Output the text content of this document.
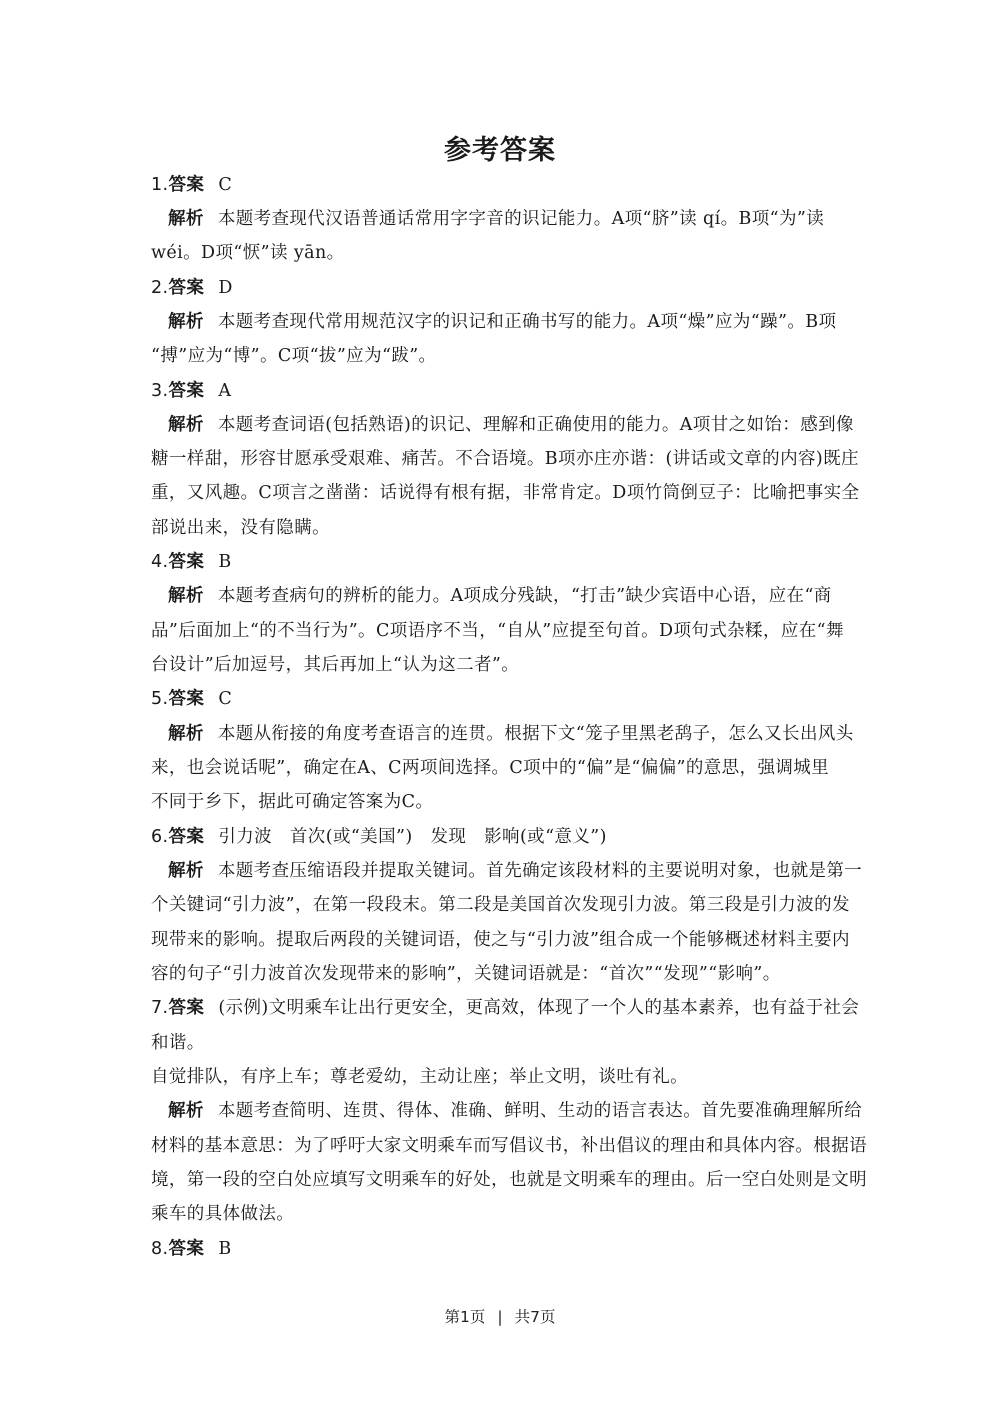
参考答案
1.答案 C
解析 本题考查现代汉语普通话常用字字音的识记能力。A项“脐”读 qí。B项“为”读
wéi。D项“恹”读 yān。
2.答案 D
解析 本题考查现代常用规范汉字的识记和正确书写的能力。A项“燥”应为“躁”。B项
“搏”应为“博”。C项“拔”应为“跋”。
3.答案 A
解析 本题考查词语(包括熟语)的识记、理解和正确使用的能力。A项甘之如饴：感到像
糖一样甜，形容甘愿承受艰难、痛苦。不合语境。B项亦庄亦谐：(讲话或文章的内容)既庄
重，又风趣。C项言之凿凿：话说得有根有据，非常肯定。D项竹筒倒豆子：比喻把事实全
部说出来，没有隐瞒。
4.答案 B
解析 本题考查病句的辨析的能力。A项成分残缺，“打击”缺少宾语中心语，应在“商
品”后面加上“的不当行为”。C项语序不当，“自从”应提至句首。D项句式杂糅，应在“舞
台设计”后加逗号，其后再加上“认为这二者”。
5.答案 C
解析 本题从衔接的角度考查语言的连贯。根据下文“笼子里黑老鸹子，怎么又长出风头
来，也会说话呢”，确定在A、C两项间选择。C项中的“偏”是“偏偏”的意思，强调城里
不同于乡下，据此可确定答案为C。
6.答案 引力波　首次(或“美国”)　发现　影响(或“意义”)
解析 本题考查压缩语段并提取关键词。首先确定该段材料的主要说明对象，也就是第一
个关键词“引力波”，在第一段段末。第二段是美国首次发现引力波。第三段是引力波的发
现带来的影响。提取后两段的关键词语，使之与“引力波”组合成一个能够概述材料主要内
容的句子“引力波首次发现带来的影响”，关键词语就是：“首次”“发现”“影响”。
7.答案 (示例)文明乘车让出行更安全，更高效，体现了一个人的基本素养，也有益于社会
和谐。
自觉排队，有序上车；尊老爱幼，主动让座；举止文明，谈吐有礼。
解析 本题考查简明、连贯、得体、准确、鲜明、生动的语言表达。首先要准确理解所给
材料的基本意思：为了呼吁大家文明乘车而写倡议书，补出倡议的理由和具体内容。根据语
境，第一段的空白处应填写文明乘车的好处，也就是文明乘车的理由。后一空白处则是文明
乘车的具体做法。
8.答案 B
第1页 | 共7页
